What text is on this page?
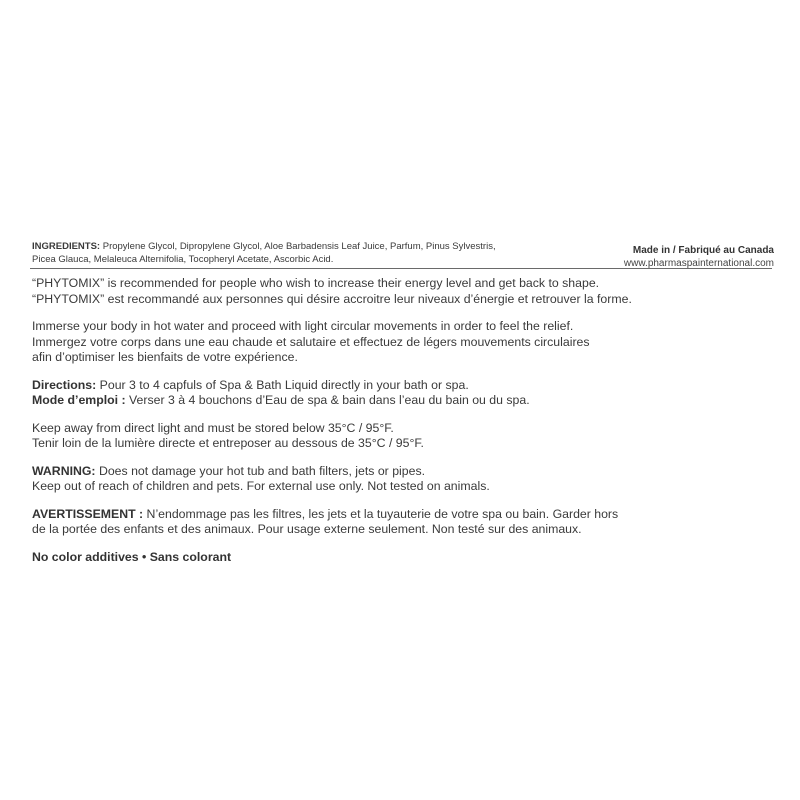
INGREDIENTS: Propylene Glycol, Dipropylene Glycol, Aloe Barbadensis Leaf Juice, Parfum, Pinus Sylvestris,
Picea Glauca, Melaleuca Alternifolia, Tocopheryl Acetate, Ascorbic Acid.
Made in / Fabriqué au Canada
www.pharmaspainternational.com
“PHYTOMIX” is recommended for people who wish to increase their energy level and get back to shape.
“PHYTOMIX” est recommandé aux personnes qui désire accroitre leur niveaux d’énergie et retrouver la forme.
Immerse your body in hot water and proceed with light circular movements in order to feel the relief.
Immergez votre corps dans une eau chaude et salutaire et effectuez de légers mouvements circulaires
afin d’optimiser les bienfaits de votre expérience.
Directions: Pour 3 to 4 capfuls of Spa & Bath Liquid directly in your bath or spa.
Mode d’emploi : Verser 3 à 4 bouchons d’Eau de spa & bain dans l’eau du bain ou du spa.
Keep away from direct light and must be stored below 35°C / 95°F.
Tenir loin de la lumière directe et entreposer au dessous de 35°C / 95°F.
WARNING: Does not damage your hot tub and bath filters, jets or pipes.
Keep out of reach of children and pets. For external use only. Not tested on animals.
AVERTISSEMENT : N’endommage pas les filtres, les jets et la tuyauterie de votre spa ou bain. Garder hors
de la portée des enfants et des animaux. Pour usage externe seulement. Non testé sur des animaux.
No color additives • Sans colorant
